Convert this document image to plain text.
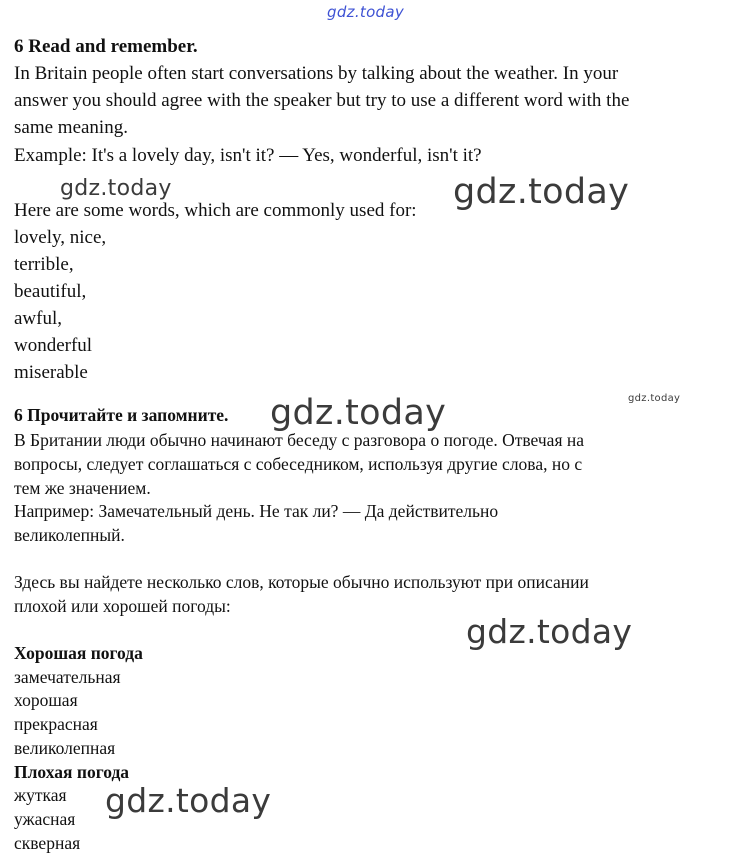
gdz.today
gdz.today	gdz.today
gdz.today
gdz.today
gdz.today
gdz.today
6 Read and remember.
In Britain people often start conversations by talking about the weather. In your
answer you should agree with the speaker but try to use a different word with the
same meaning.
Example: It's a lovely day, isn't it? — Yes, wonderful, isn't it?
Here are some words, which are commonly used for:
lovely, nice,
terrible,
beautiful,
awful,
wonderful
miserable
6 Прочитайте и запомните.
В Британии люди обычно начинают беседу с разговора о погоде. Отвечая на
вопросы, следует соглашаться с собеседником, используя другие слова, но с
тем же значением.
Например: Замечательный день. Не так ли? — Да действительно
великолепный.
Здесь вы найдете несколько слов, которые обычно используют при описании
плохой или хорошей погоды:
Хорошая погода
замечательная
хорошая
прекрасная
великолепная
Плохая погода
жуткая
ужасная
скверная
